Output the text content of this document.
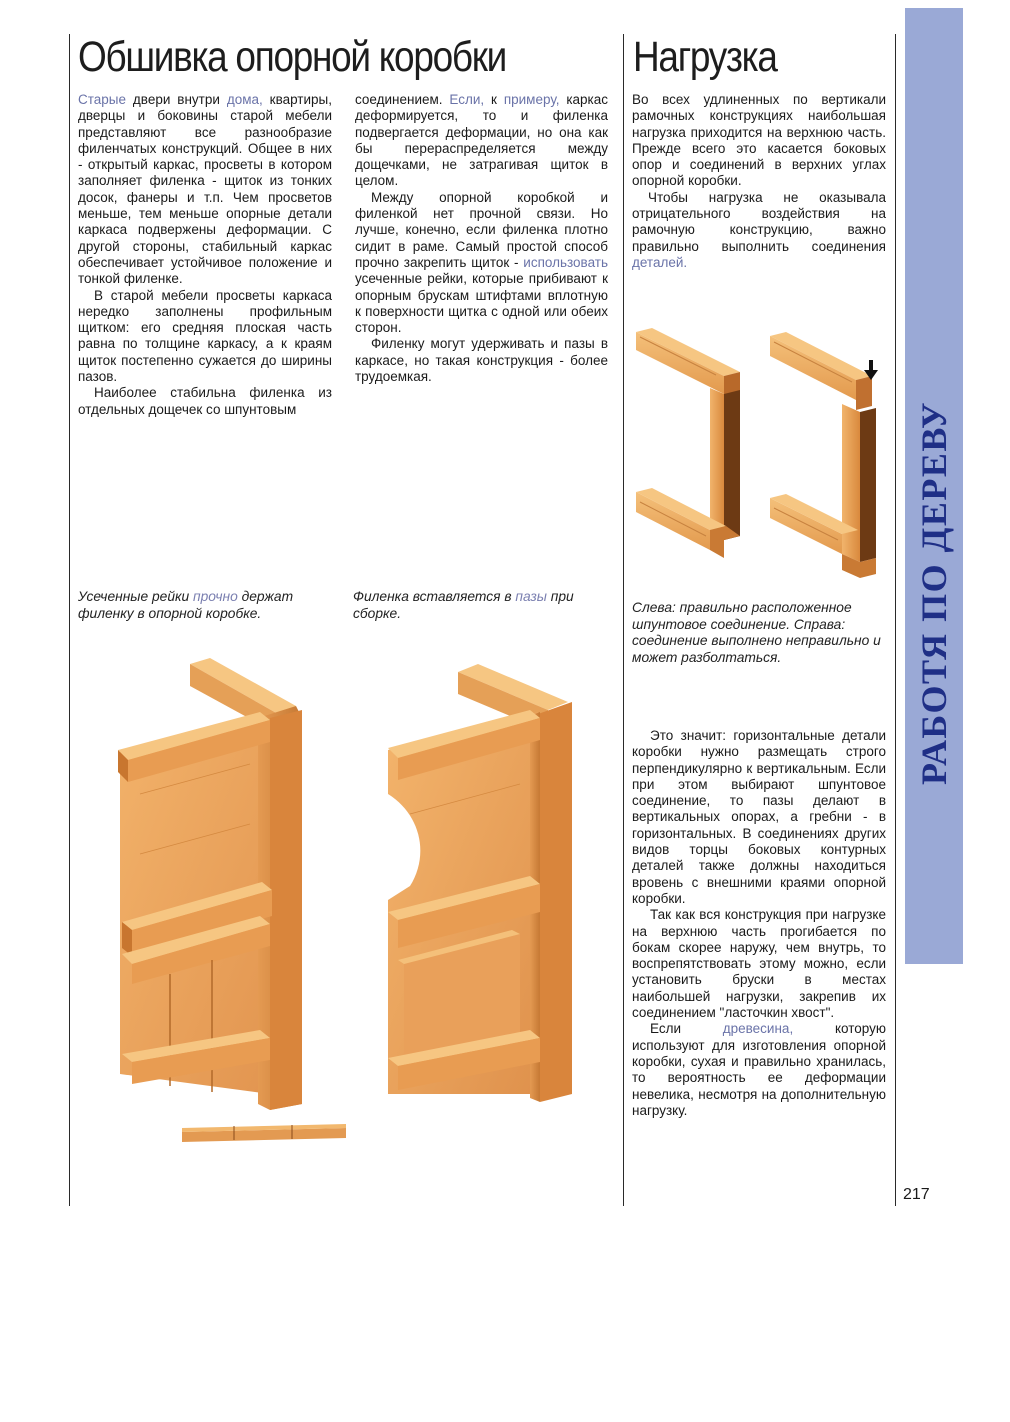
Обшивка опорной коробки	Нагрузка

Старые двери внутри дома, квартиры, дверцы и боковины старой мебели представляют все разнообразие филенчатых конструкций. Общее в них - открытый каркас, просветы в котором заполняет филенка - щиток из тонких досок, фанеры и т.п. Чем просветов меньше, тем меньше опорные детали каркаса подвержены деформации. С другой стороны, стабильный каркас обеспечивает устойчивое положение и тонкой филенке.

В старой мебели просветы каркаса нередко заполнены профильным щитком: его средняя плоская часть равна по толщине каркасу, а к краям щиток постепенно сужается до ширины пазов.

Наиболее стабильна филенка из отдельных дощечек со шпунтовым

соединением. Если, к примеру, каркас деформируется, то и филенка подвергается деформации, но она как бы перераспределяется между дощечками, не затрагивая щиток в целом.

Между опорной коробкой и филенкой нет прочной связи. Но лучше, конечно, если филенка плотно сидит в раме. Самый простой способ прочно закрепить щиток - использовать усеченные рейки, которые прибивают к опорным брускам штифтами вплотную к поверхности щитка с одной или обеих сторон.

Филенку могут удерживать и пазы в каркасе, но такая конструкция - более трудоемкая.

Усеченные рейки прочно держат филенку в опорной коробке.
Филенка вставляется в пазы при сборке.

Во всех удлиненных по вертикали рамочных конструкциях наибольшая нагрузка приходится на верхнюю часть. Прежде всего это касается боковых опор и соединений в верхних углах опорной коробки.

Чтобы нагрузка не оказывала отрицательного воздействия на рамочную конструкцию, важно правильно выполнить соединения деталей.

Слева: правильно расположенное шпунтовое соединение. Справа: соединение выполнено неправильно и может разболтаться.

Это значит: горизонтальные детали коробки нужно размещать строго перпендикулярно к вертикальным. Если при этом выбирают шпунтовое соединение, то пазы делают в вертикальных опорах, а гребни - в горизонтальных. В соединениях других видов торцы боковых контурных деталей также должны находиться вровень с внешними краями опорной коробки.

Так как вся конструкция при нагрузке на верхнюю часть прогибается по бокам скорее наружу, чем внутрь, то воспрепятствовать этому можно, если установить бруски в местах наибольшей нагрузки, закрепив их соединением "ласточкин хвост".

Если древесина, которую используют для изготовления опорной коробки, сухая и правильно хранилась, то вероятность ее деформации невелика, несмотря на дополнительную нагрузку.

РАБОТЯ ПО ДЕРЕВУ
217
